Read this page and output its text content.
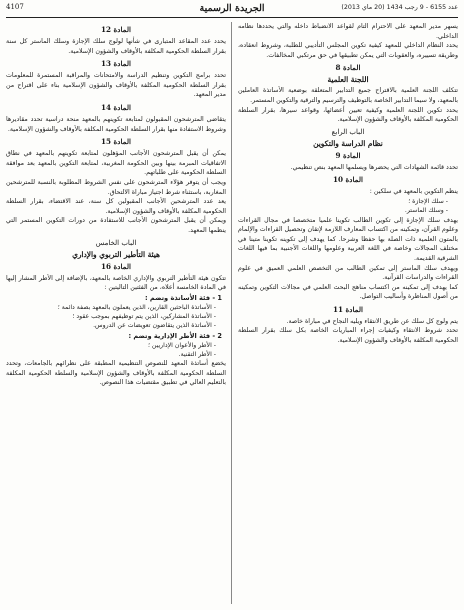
4107	الجريدة الرسمية	عدد 6155 - 9 رجب 1434 (20 ماي 2013)
يسهر مدير المعهد على الاحترام التام لقواعد الانضباط داخله والتي يحددها نظامه الداخلي.
يحدد النظام الداخلي للمعهد كيفية تكوين المجلس التأديبي للطلبة، وشروط انعقاده، وطريقة تسييره، والعقوبات التي يمكن تطبيقها في حق مرتكبي المخالفات.
المادة 8
اللجنة العلمية
تتكلف اللجنة العلمية بالاقتراح جميع التدابير المتعلقة بوضعية الأساتذة العاملين بالمعهد، ولا سيما التدابير الخاصة بالتوظيف والترسيم والترقية والتكوين المستمر.
يحدد تكوين اللجنة العلمية وكيفية تعيين أعضائها، وقواعد سيرها، بقرار السلطة الحكومية المكلفة بالأوقاف والشؤون الإسلامية.
الباب الرابع
نظام الدراسة والتكوين
المادة 9
تحدد قائمة الشهادات التي يحضرها ويسلمها المعهد بنص تنظيمي.
المادة 10
ينظم التكوين بالمعهد في سلكين :
- سلك الإجازة ؛
- وسلك الماستر.
يهدف سلك الإجازة إلى تكوين الطالب تكوينا علميا متخصصا في مجال القراءات وعلوم القرآن، وتمكينه من اكتساب المعارف اللازمة لإتقان وتحصيل القراءات والإلمام بالمتون العلمية ذات الصلة بها حفظا وشرحا. كما يهدف إلى تكوينه تكوينا متينا في مختلف المجالات وخاصة في اللغة العربية وعلومها واللغات الأجنبية بما فيها اللغات الشرقية القديمة.
ويهدف سلك الماستر إلى تمكين الطالب من التخصص العلمي العميق في علوم القراءات والدراسات القرآنية.
كما يهدف إلى تمكينه من اكتساب مناهج البحث العلمي في مجالات التكوين وتمكينه من أصول المناظرة وأساليب التواصل.
المادة 11
يتم ولوج كل سلك عن طريق الانتقاء ويليه النجاح في مباراة خاصة.
تحدد شروط الانتقاء وكيفيات إجراء المباريات الخاصة بكل سلك بقرار السلطة الحكومية المكلفة بالأوقاف والشؤون الإسلامية.
المادة 12
يحدد عدد المقاعد المتبارى في شأنها لولوج سلك الإجازة وسلك الماستر كل سنة بقرار السلطة الحكومية المكلفة بالأوقاف والشؤون الإسلامية.
المادة 13
تحدد برامج التكوين وتنظيم الدراسة والامتحانات والمراقبة المستمرة للمعلومات بقرار السلطة الحكومية المكلفة بالأوقاف والشؤون الإسلامية بناء على اقتراح من مدير المعهد.
المادة 14
يتقاضى المترشحون المقبولون لمتابعة تكوينهم بالمعهد منحة دراسية تحدد مقاديرها وشروط الاستفادة منها بقرار السلطة الحكومية المكلفة بالأوقاف والشؤون الإسلامية.
المادة 15
يمكن أن يقبل المترشحون الأجانب المؤهلون لمتابعة تكوينهم بالمعهد في نطاق الاتفاقيات المبرمة بينها وبين الحكومة المغربية، لمتابعة التكوين بالمعهد بعد موافقة السلطة الحكومية على طلباتهم.
ويجب أن يتوفر هؤلاء المترشحون على نفس الشروط المطلوبة بالنسبة للمترشحين المغاربة، باستثناء شرط اجتياز مباراة الالتحاق.
يعد عدد المترشحين الأجانب المقبولين كل سنة، عند الاقتضاء، بقرار السلطة الحكومية المكلفة بالأوقاف والشؤون الإسلامية.
ويمكن أن يقبل المترشحون الأجانب للاستفادة من دورات التكوين المستمر التي ينظمها المعهد.
الباب الخامس
هيئة التأطير التربوي والإداري
المادة 16
تتكون هيئة التأطير التربوي والإداري الخاصة بالمعهد، بالإضافة إلى الأطر المشار إليها في المادة الخامسة أعلاه، من الفئتين التاليتين :
1 - فئة الأساتذة وتضم :
- الأساتذة الباحثين القارين، الذين يعملون بالمعهد بصفة دائمة ؛
- الأساتذة المشاركين، الذين يتم توظيفهم بموجب عقود ؛
- الأساتذة الذين يتقاضون تعويضات عن الدروس.
2 - فئة الأطر الإدارية وتضم :
- الأطر والأعوان الإداريين ؛
- الأطر التقنية.
يخضع أساتذة المعهد للنصوص التنظيمية المطبقة على نظرائهم بالجامعات، وتحدد السلطة الحكومية المكلفة بالأوقاف والشؤون الإسلامية والسلطة الحكومية المكلفة بالتعليم العالي في تطبيق مقتضيات هذا النصوص.
